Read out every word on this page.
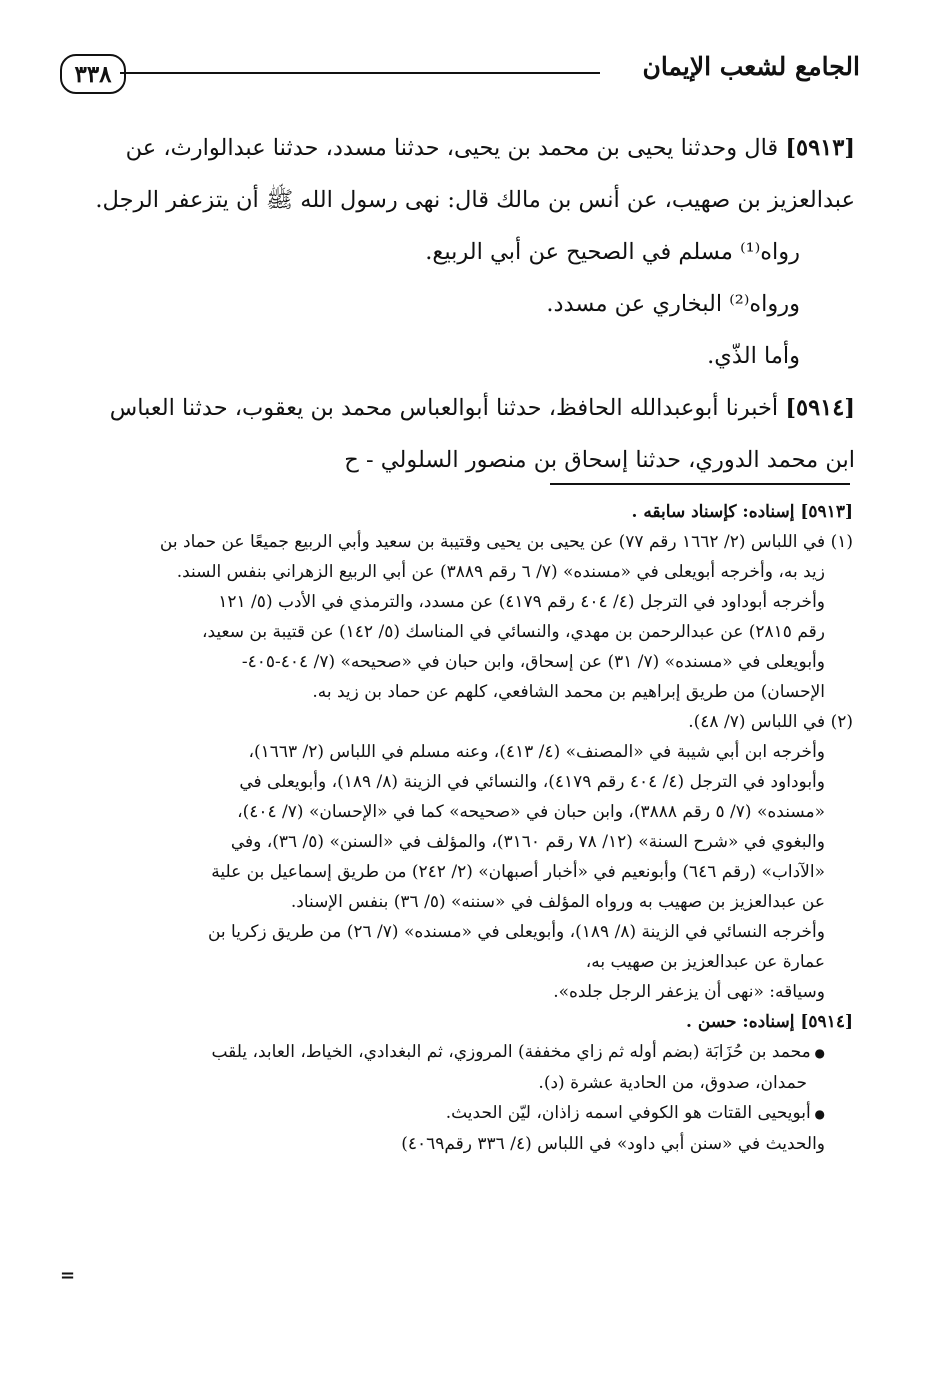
٣٣٨	الجامع لشعب الإيمان

[٥٩١٣] قال وحدثنا يحيى بن محمد بن يحيى، حدثنا مسدد، حدثنا عبدالوارث، عن

عبدالعزيز بن صهيب، عن أنس بن مالك قال: نهى رسول الله ﷺ أن يتزعفر الرجل.

رواه⁽¹⁾ مسلم في الصحيح عن أبي الربيع.

ورواه⁽²⁾ البخاري عن مسدد.

وأما الذّي.

[٥٩١٤] أخبرنا أبوعبدالله الحافظ، حدثنا أبوالعباس محمد بن يعقوب، حدثنا العباس

ابن محمد الدوري، حدثنا إسحاق بن منصور السلولي - ح

[٥٩١٣] إسناده: كإسناد سابقه .

(١) في اللباس (٢/ ١٦٦٢ رقم ٧٧) عن يحيى بن يحيى وقتيبة بن سعيد وأبي الربيع جميعًا عن حماد بن

زيد به، وأخرجه أبويعلى في «مسنده» (٧/ ٦ رقم ٣٨٨٩) عن أبي الربيع الزهراني بنفس السند.

وأخرجه أبوداود في الترجل (٤/ ٤٠٤ رقم ٤١٧٩) عن مسدد، والترمذي في الأدب (٥/ ١٢١

رقم ٢٨١٥) عن عبدالرحمن بن مهدي، والنسائي في المناسك (٥/ ١٤٢) عن قتيبة بن سعيد،

وأبويعلى في «مسنده» (٧/ ٣١) عن إسحاق، وابن حبان في «صحيحه» (٧/ ٤٠٤-٤٠٥-

الإحسان) من طريق إبراهيم بن محمد الشافعي، كلهم عن حماد بن زيد به.

(٢) في اللباس (٧/ ٤٨).

وأخرجه ابن أبي شيبة في «المصنف» (٤/ ٤١٣)، وعنه مسلم في اللباس (٢/ ١٦٦٣)،

وأبوداود في الترجل (٤/ ٤٠٤ رقم ٤١٧٩)، والنسائي في الزينة (٨/ ١٨٩)، وأبويعلى في

«مسنده» (٧/ ٥ رقم ٣٨٨٨)، وابن حبان في «صحيحه» كما في «الإحسان» (٧/ ٤٠٤)،

والبغوي في «شرح السنة» (١٢/ ٧٨ رقم ٣١٦٠)، والمؤلف في «السنن» (٥/ ٣٦)، وفي

«الآداب» (رقم ٦٤٦) وأبونعيم في «أخبار أصبهان» (٢/ ٢٤٢) من طريق إسماعيل بن علية

عن عبدالعزيز بن صهيب به ورواه المؤلف في «سننه» (٥/ ٣٦) بنفس الإسناد.

وأخرجه النسائي في الزينة (٨/ ١٨٩)، وأبويعلى في «مسنده» (٧/ ٢٦) من طريق زكريا بن

عمارة عن عبدالعزيز بن صهيب به،

وسياقه: «نهى أن يزعفر الرجل جلده».

[٥٩١٤] إسناده: حسن .

● محمد بن حُزَابَة (بضم أوله ثم زاي مخففة) المروزي، ثم البغدادي، الخياط، العابد، يلقب

حمدان، صدوق، من الحادية عشرة (د).

● أبويحيى القتات هو الكوفي اسمه زاذان، ليّن الحديث.

والحديث في «سنن أبي داود» في اللباس (٤/ ٣٣٦ رقم٤٠٦٩)

=
